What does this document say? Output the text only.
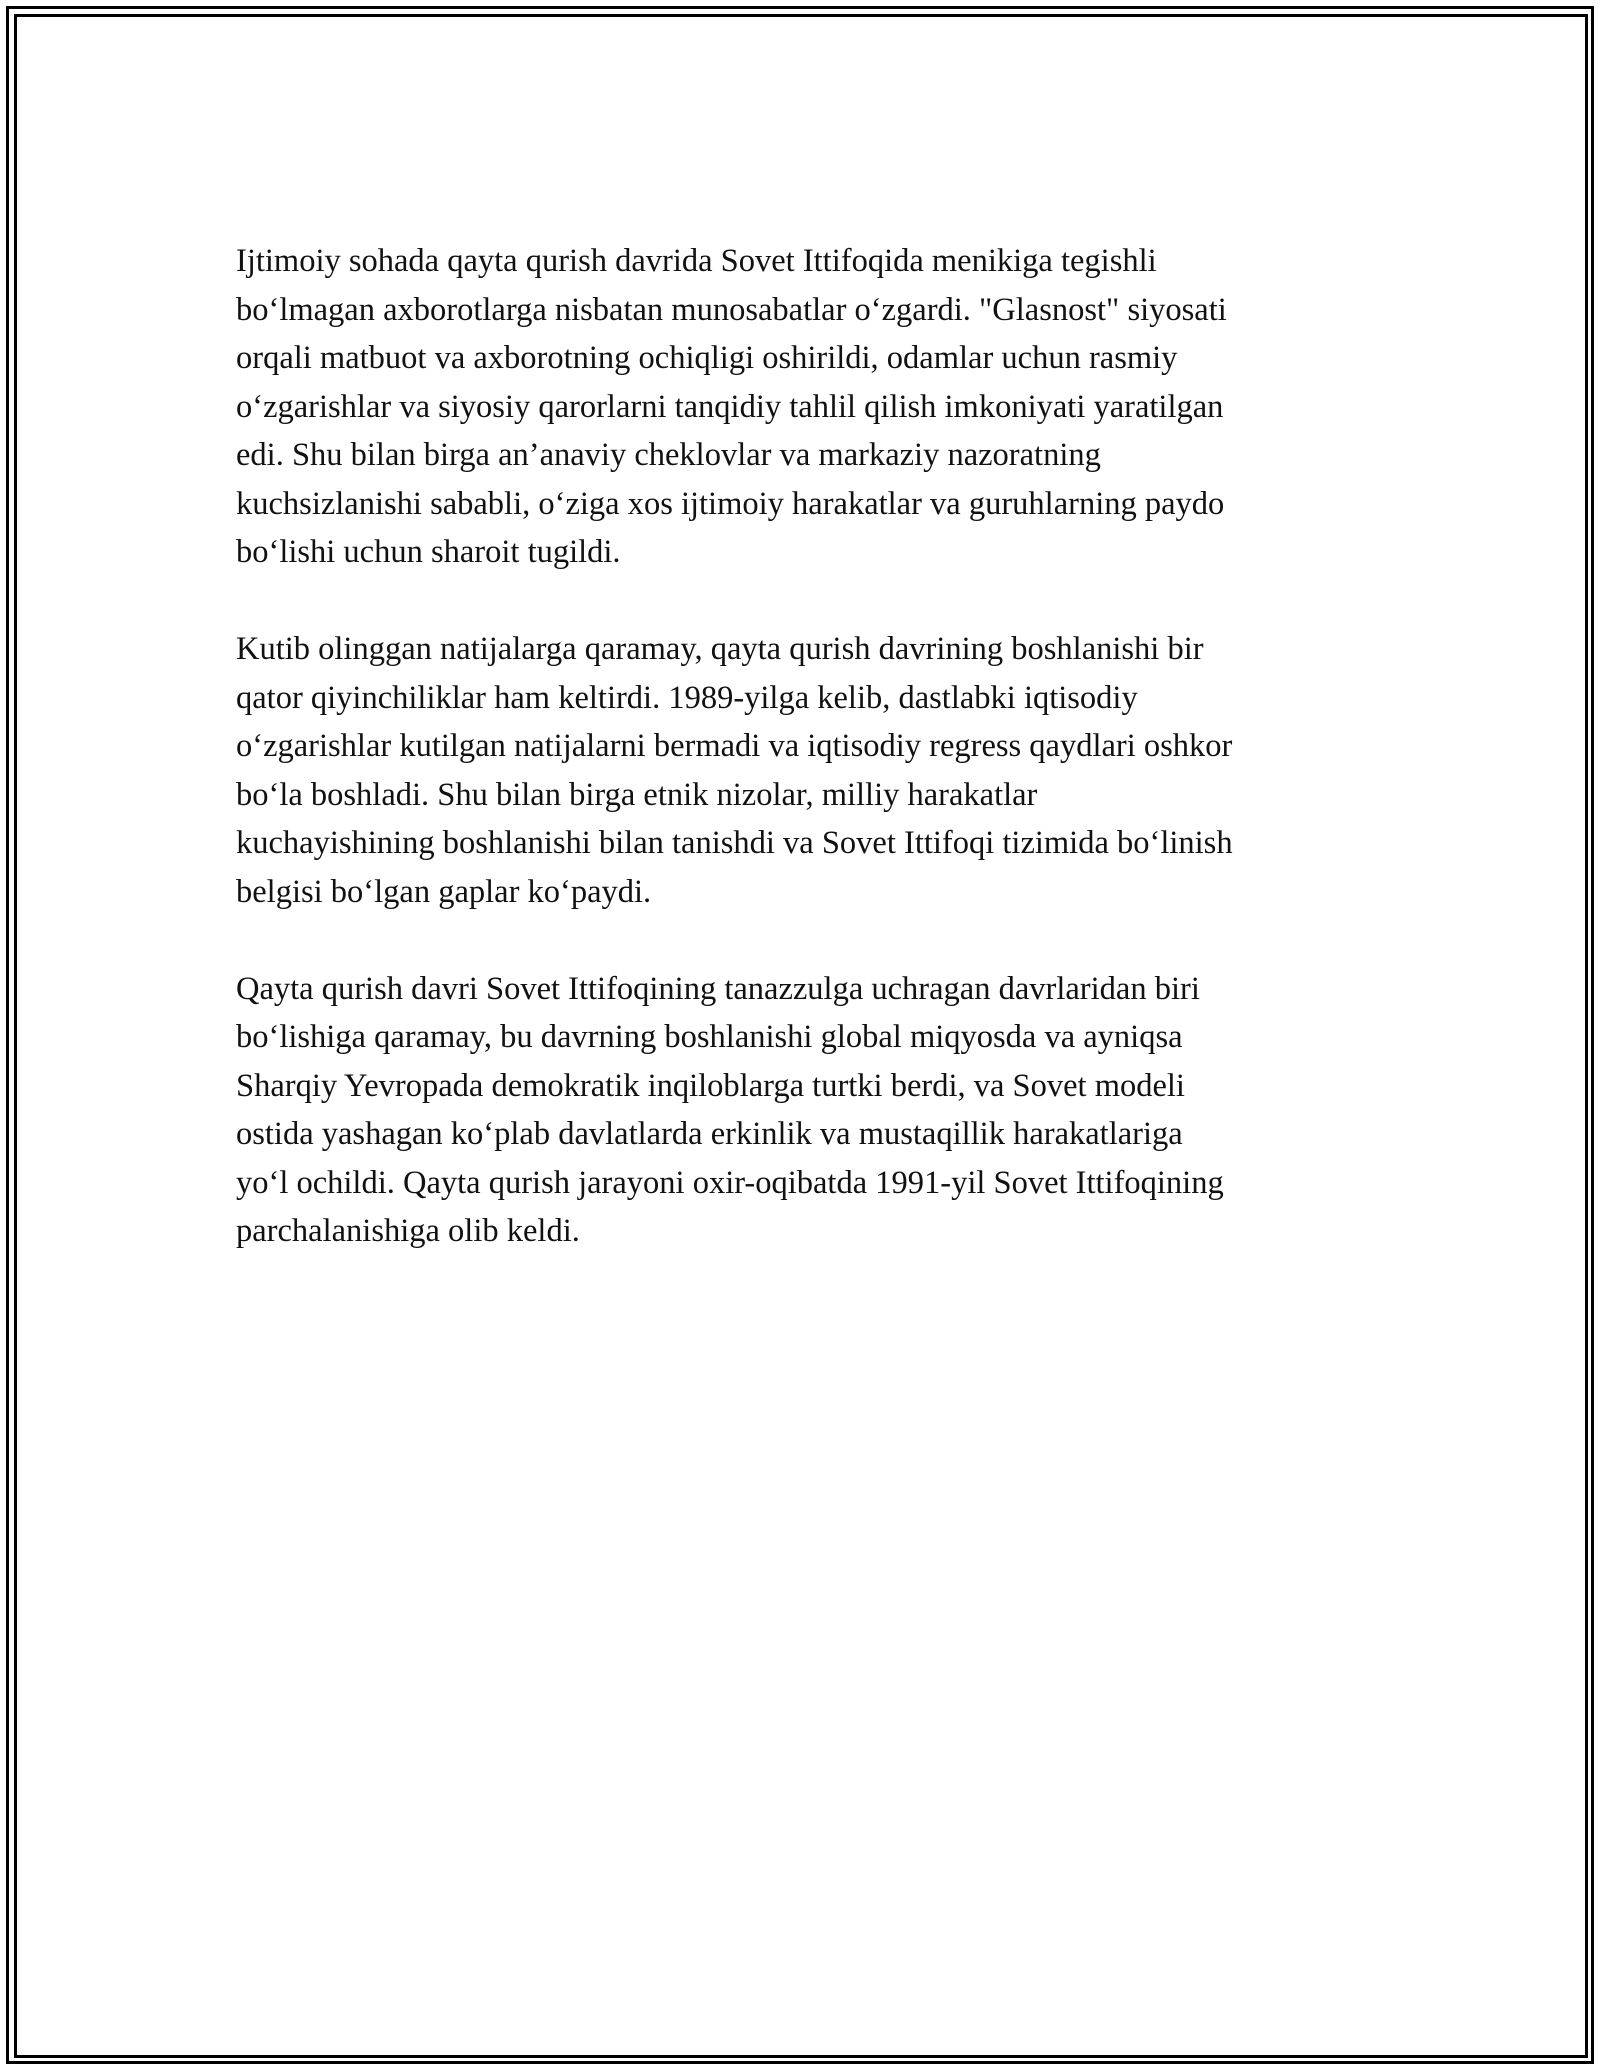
Ijtimoiy sohada qayta qurish davrida Sovet Ittifoqida menikiga tegishli
boʻlmagan axborotlarga nisbatan munosabatlar oʻzgardi. "Glasnost" siyosati
orqali matbuot va axborotning ochiqligi oshirildi, odamlar uchun rasmiy
oʻzgarishlar va siyosiy qarorlarni tanqidiy tahlil qilish imkoniyati yaratilgan
edi. Shu bilan birga an’anaviy cheklovlar va markaziy nazoratning
kuchsizlanishi sababli, oʻziga xos ijtimoiy harakatlar va guruhlarning paydo
boʻlishi uchun sharoit tugildi.

Kutib olinggan natijalarga qaramay, qayta qurish davrining boshlanishi bir
qator qiyinchiliklar ham keltirdi. 1989-yilga kelib, dastlabki iqtisodiy
oʻzgarishlar kutilgan natijalarni bermadi va iqtisodiy regress qaydlari oshkor
boʻla boshladi. Shu bilan birga etnik nizolar, milliy harakatlar
kuchayishining boshlanishi bilan tanishdi va Sovet Ittifoqi tizimida boʻlinish
belgisi boʻlgan gaplar koʻpaydi.

Qayta qurish davri Sovet Ittifoqining tanazzulga uchragan davrlaridan biri
boʻlishiga qaramay, bu davrning boshlanishi global miqyosda va ayniqsa
Sharqiy Yevropada demokratik inqiloblarga turtki berdi, va Sovet modeli
ostida yashagan koʻplab davlatlarda erkinlik va mustaqillik harakatlariga
yoʻl ochildi. Qayta qurish jarayoni oxir-oqibatda 1991-yil Sovet Ittifoqining
parchalanishiga olib keldi.
